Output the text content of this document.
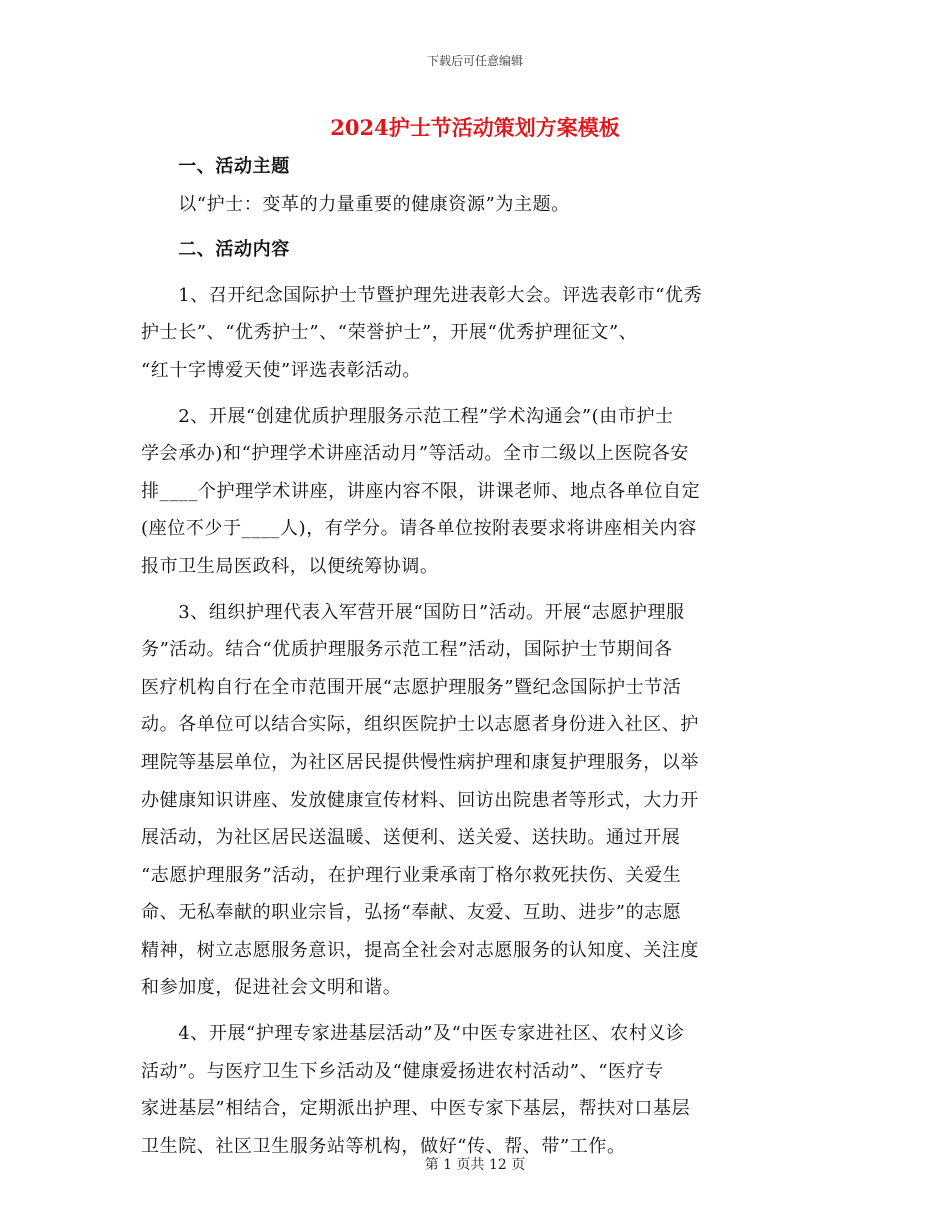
下载后可任意编辑
2024护士节活动策划方案模板
　　一、活动主题
　　以“护士：变革的力量重要的健康资源”为主题。
　　二、活动内容
　　1、召开纪念国际护士节暨护理先进表彰大会。评选表彰市“优秀
护士长”、“优秀护士”、“荣誉护士”，开展“优秀护理征文”、
“红十字博爱天使”评选表彰活动。
　　2、开展“创建优质护理服务示范工程”学术沟通会”(由市护士
学会承办)和“护理学术讲座活动月”等活动。全市二级以上医院各安
排____个护理学术讲座，讲座内容不限，讲课老师、地点各单位自定
(座位不少于____人)，有学分。请各单位按附表要求将讲座相关内容
报市卫生局医政科，以便统筹协调。
　　3、组织护理代表入军营开展“国防日”活动。开展“志愿护理服
务”活动。结合“优质护理服务示范工程”活动，国际护士节期间各
医疗机构自行在全市范围开展“志愿护理服务”暨纪念国际护士节活
动。各单位可以结合实际，组织医院护士以志愿者身份进入社区、护
理院等基层单位，为社区居民提供慢性病护理和康复护理服务，以举
办健康知识讲座、发放健康宣传材料、回访出院患者等形式，大力开
展活动，为社区居民送温暖、送便利、送关爱、送扶助。通过开展
“志愿护理服务”活动，在护理行业秉承南丁格尔救死扶伤、关爱生
命、无私奉献的职业宗旨，弘扬“奉献、友爱、互助、进步”的志愿
精神，树立志愿服务意识，提高全社会对志愿服务的认知度、关注度
和参加度，促进社会文明和谐。
　　4、开展“护理专家进基层活动”及“中医专家进社区、农村义诊
活动”。与医疗卫生下乡活动及“健康爱扬进农村活动”、“医疗专
家进基层”相结合，定期派出护理、中医专家下基层，帮扶对口基层
卫生院、社区卫生服务站等机构，做好“传、帮、带”工作。
第 1 页共 12 页
